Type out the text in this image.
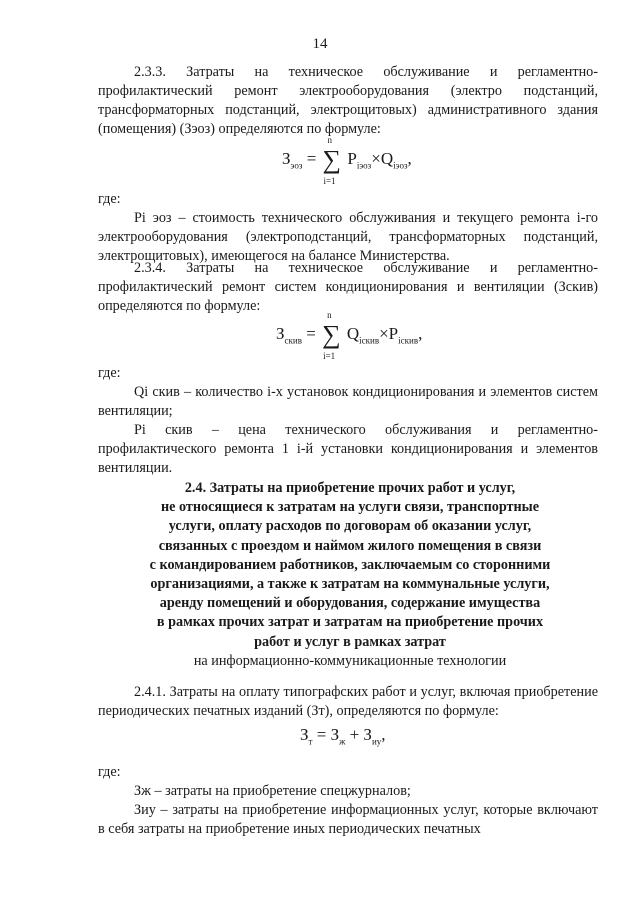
14
2.3.3. Затраты на техническое обслуживание и регламентно-профилактический ремонт электрооборудования (электро подстанций, трансформаторных подстанций, электрощитовых) административного здания (помещения) (Зэоз) определяются по формуле:
$З_{эоз}$ = ∑
n
i=1
$P_{iэоз}\times Q_{iэоз}$,
где:
Pi эоз – стоимость технического обслуживания и текущего ремонта i-го электрооборудования (электроподстанций, трансформаторных подстанций, электрощитовых), имеющегося на балансе Министерства.
2.3.4. Затраты на техническое обслуживание и регламентно-профилактический ремонт систем кондиционирования и вентиляции (Зскив) определяются по формуле:
$З_{скив}$ = ∑
n
i=1
$Q_{iскив}\times P_{iскив}$,
где:
Qi скив – количество i-х установок кондиционирования и элементов систем вентиляции;
Pi скив – цена технического обслуживания и регламентно-профилактического ремонта 1 i-й установки кондиционирования и элементов вентиляции.
2.4. Затраты на приобретение прочих работ и услуг,
не относящиеся к затратам на услуги связи, транспортные
услуги, оплату расходов по договорам об оказании услуг,
связанных с проездом и наймом жилого помещения в связи
с командированием работников, заключаемым со сторонними
организациями, а также к затратам на коммунальные услуги,
аренду помещений и оборудования, содержание имущества
в рамках прочих затрат и затратам на приобретение прочих
работ и услуг в рамках затрат
на информационно-коммуникационные технологии
2.4.1. Затраты на оплату типографских работ и услуг, включая приобретение периодических печатных изданий (Зт), определяются по формуле:
$З_т = З_ж + З_{иу}$,
где:
Зж – затраты на приобретение спецжурналов;
Зиу – затраты на приобретение информационных услуг, которые включают в себя затраты на приобретение иных периодических печатных
